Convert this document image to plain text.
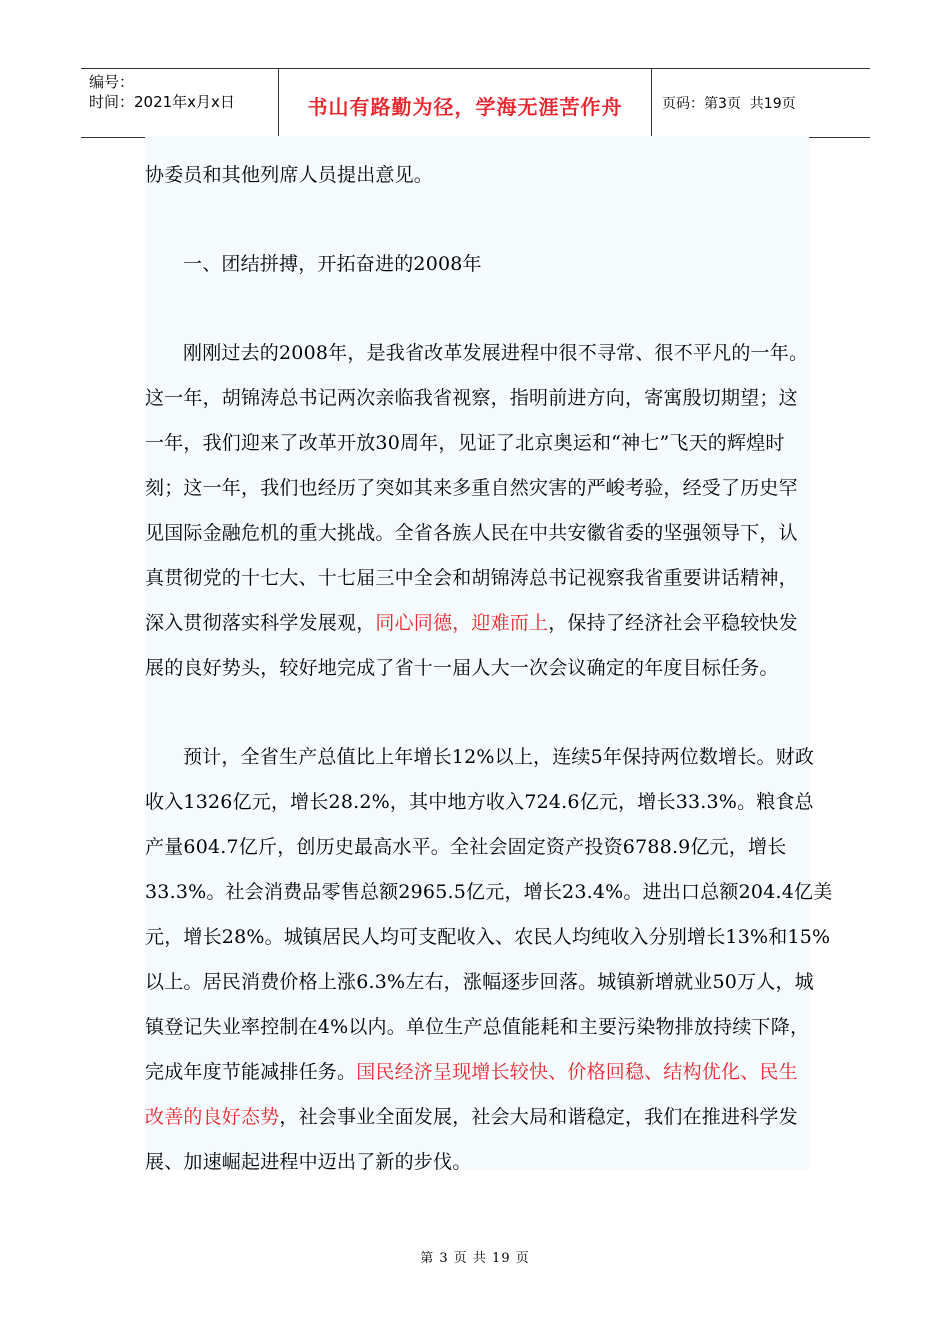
编号：
时间：2021年x月x日	书山有路勤为径，学海无涯苦作舟	页码：第3页  共19页
协委员和其他列席人员提出意见。
一、团结拼搏，开拓奋进的2008年
刚刚过去的2008年，是我省改革发展进程中很不寻常、很不平凡的一年。
这一年，胡锦涛总书记两次亲临我省视察，指明前进方向，寄寓殷切期望；这
一年，我们迎来了改革开放30周年，见证了北京奥运和“神七”飞天的辉煌时
刻；这一年，我们也经历了突如其来多重自然灾害的严峻考验，经受了历史罕
见国际金融危机的重大挑战。全省各族人民在中共安徽省委的坚强领导下，认
真贯彻党的十七大、十七届三中全会和胡锦涛总书记视察我省重要讲话精神，
深入贯彻落实科学发展观，同心同德，迎难而上，保持了经济社会平稳较快发
展的良好势头，较好地完成了省十一届人大一次会议确定的年度目标任务。
预计，全省生产总值比上年增长12%以上，连续5年保持两位数增长。财政
收入1326亿元，增长28.2%，其中地方收入724.6亿元，增长33.3%。粮食总
产量604.7亿斤，创历史最高水平。全社会固定资产投资6788.9亿元，增长
33.3%。社会消费品零售总额2965.5亿元，增长23.4%。进出口总额204.4亿美
元，增长28%。城镇居民人均可支配收入、农民人均纯收入分别增长13%和15%
以上。居民消费价格上涨6.3%左右，涨幅逐步回落。城镇新增就业50万人，城
镇登记失业率控制在4%以内。单位生产总值能耗和主要污染物排放持续下降，
完成年度节能减排任务。国民经济呈现增长较快、价格回稳、结构优化、民生
改善的良好态势，社会事业全面发展，社会大局和谐稳定，我们在推进科学发
展、加速崛起进程中迈出了新的步伐。
第 3 页 共 19 页
